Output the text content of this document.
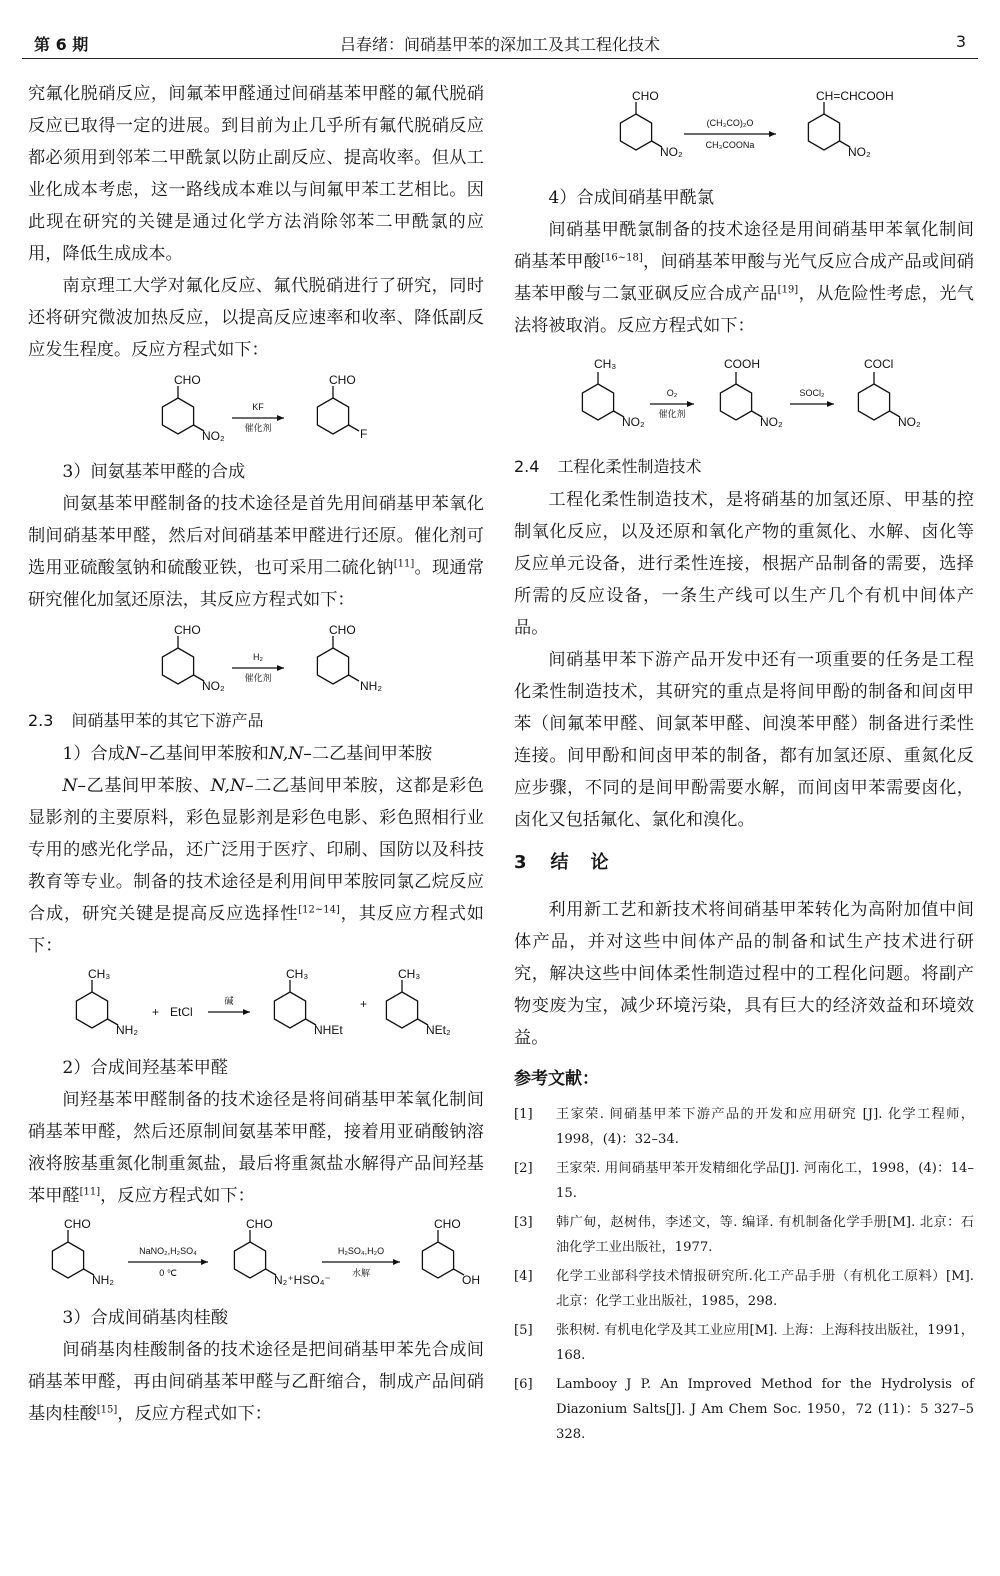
第 6 期	吕春绪：间硝基甲苯的深加工及其工程化技术	3

究氟化脱硝反应，间氟苯甲醛通过间硝基苯甲醛的氟代脱硝反应已取得一定的进展。到目前为止几乎所有氟代脱硝反应都必须用到邻苯二甲酰氯以防止副反应、提高收率。但从工业化成本考虑，这一路线成本难以与间氟甲苯工艺相比。因此现在研究的关键是通过化学方法消除邻苯二甲酰氯的应用，降低生成成本。

南京理工大学对氟化反应、氟代脱硝进行了研究，同时还将研究微波加热反应，以提高反应速率和收率、降低副反应发生程度。反应方程式如下：

CHO
NO₂
KF
催化剂
CHO
F

3）间氨基苯甲醛的合成

间氨基苯甲醛制备的技术途径是首先用间硝基甲苯氧化制间硝基苯甲醛，然后对间硝基苯甲醛进行还原。催化剂可选用亚硫酸氢钠和硫酸亚铁，也可采用二硫化钠[11]。现通常研究催化加氢还原法，其反应方程式如下：

CHO
NO₂
H₂
催化剂
CHO
NH₂
2.3 间硝基甲苯的其它下游产品

1）合成N–乙基间甲苯胺和N,N–二乙基间甲苯胺

N–乙基间甲苯胺、N,N–二乙基间甲苯胺，这都是彩色显影剂的主要原料，彩色显影剂是彩色电影、彩色照相行业专用的感光化学品，还广泛用于医疗、印刷、国防以及科技教育等专业。制备的技术途径是利用间甲苯胺同氯乙烷反应合成，研究关键是提高反应选择性[12~14]，其反应方程式如下：

CH₃
NH₂
+ EtCl
碱
CH₃
NHEt
+
CH₃
NEt₂

2）合成间羟基苯甲醛

间羟基苯甲醛制备的技术途径是将间硝基甲苯氧化制间硝基苯甲醛，然后还原制间氨基苯甲醛，接着用亚硝酸钠溶液将胺基重氮化制重氮盐，最后将重氮盐水解得产品间羟基苯甲醛[11]，反应方程式如下：

CHO
NH₂
NaNO₂,H₂SO₄
0 ℃
CHO
N₂⁺HSO₄⁻
H₂SO₄,H₂O
水解
CHO
OH

3）合成间硝基肉桂酸

间硝基肉桂酸制备的技术途径是把间硝基甲苯先合成间硝基苯甲醛，再由间硝基苯甲醛与乙酐缩合，制成产品间硝基肉桂酸[15]，反应方程式如下：

CHO
NO₂
(CH₃CO)₂O
CH₃COONa
CH=CHCOOH
NO₂

4）合成间硝基甲酰氯

间硝基甲酰氯制备的技术途径是用间硝基甲苯氧化制间硝基苯甲酸[16~18]，间硝基苯甲酸与光气反应合成产品或间硝基苯甲酸与二氯亚砜反应合成产品[19]，从危险性考虑，光气法将被取消。反应方程式如下：

CH₃
NO₂
O₂
催化剂
COOH
NO₂
SOCl₂
COCl
NO₂
2.4 工程化柔性制造技术

工程化柔性制造技术，是将硝基的加氢还原、甲基的控制氧化反应，以及还原和氧化产物的重氮化、水解、卤化等反应单元设备，进行柔性连接，根据产品制备的需要，选择所需的反应设备，一条生产线可以生产几个有机中间体产品。

间硝基甲苯下游产品开发中还有一项重要的任务是工程化柔性制造技术，其研究的重点是将间甲酚的制备和间卤甲苯（间氟苯甲醛、间氯苯甲醛、间溴苯甲醛）制备进行柔性连接。间甲酚和间卤甲苯的制备，都有加氢还原、重氮化反应步骤，不同的是间甲酚需要水解，而间卤甲苯需要卤化，卤化又包括氟化、氯化和溴化。

3 结　论

利用新工艺和新技术将间硝基甲苯转化为高附加值中间体产品，并对这些中间体产品的制备和试生产技术进行研究，解决这些中间体柔性制造过程中的工程化问题。将副产物变废为宝，减少环境污染，具有巨大的经济效益和环境效益。

参考文献：
[1] 王家荣. 间硝基甲苯下游产品的开发和应用研究 [J]. 化学工程师，1998，(4)：32–34.
[2] 王家荣. 用间硝基甲苯开发精细化学品[J]. 河南化工，1998，(4)：14–15.
[3] 韩广甸，赵树伟，李述文，等. 编译. 有机制备化学手册[M]. 北京：石油化学工业出版社，1977.
[4] 化学工业部科学技术情报研究所.化工产品手册（有机化工原料）[M]. 北京：化学工业出版社，1985，298.
[5] 张积树. 有机电化学及其工业应用[M]. 上海：上海科技出版社，1991，168.
[6] Lambooy J P. An Improved Method for the Hydrolysis of Diazonium Salts[J]. J Am Chem Soc. 1950，72 (11)：5 327–5 328.
